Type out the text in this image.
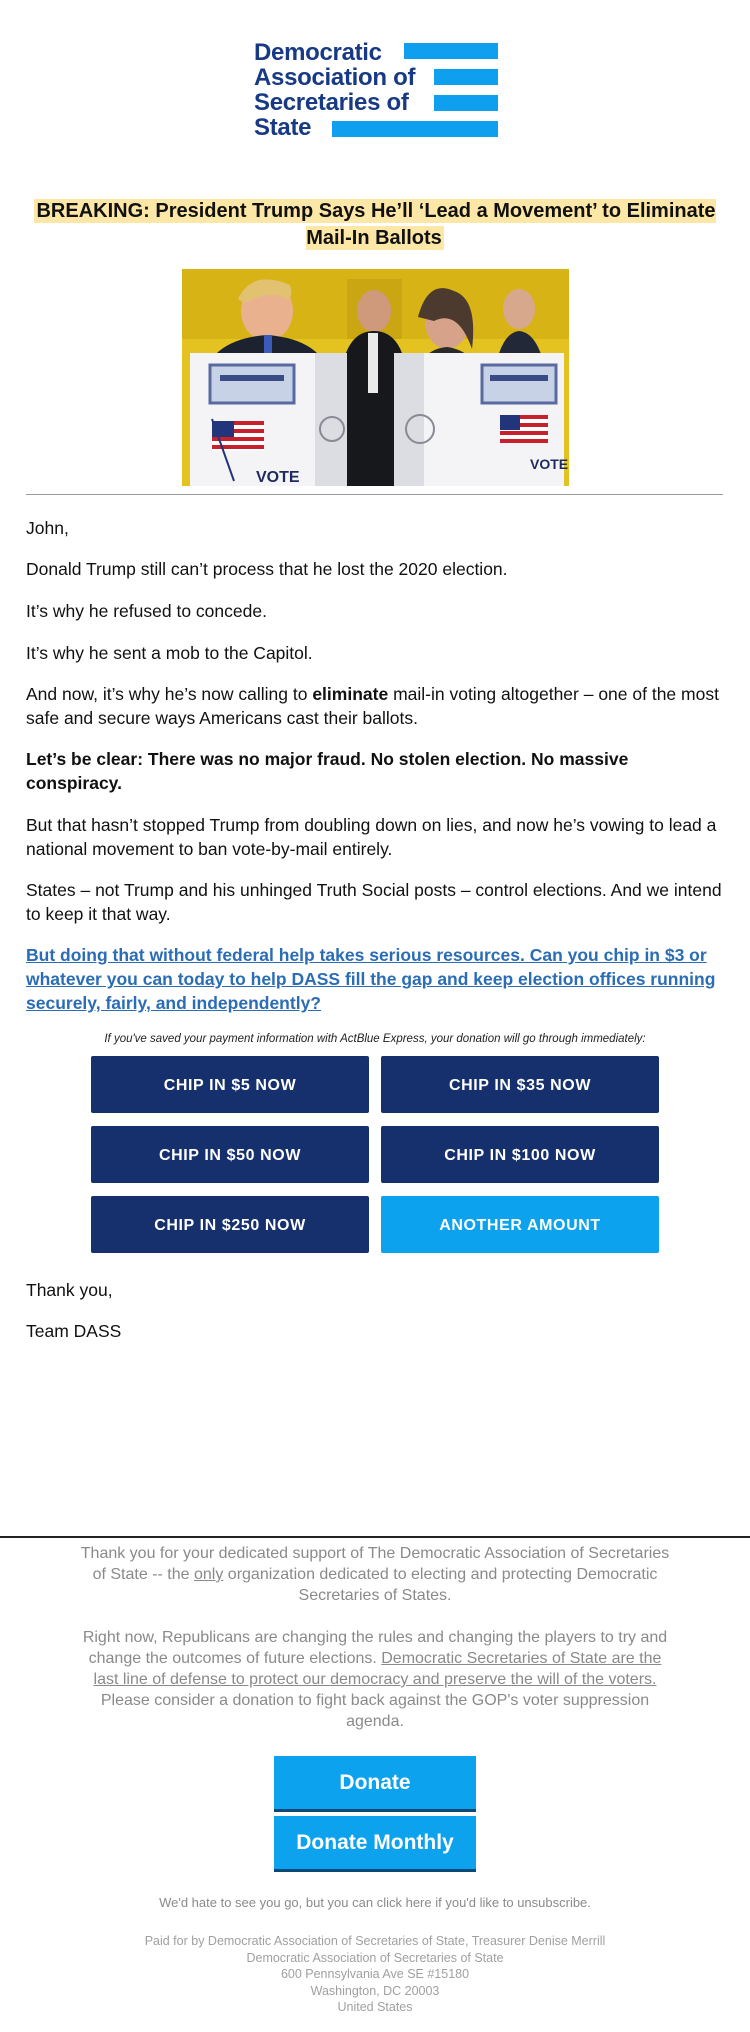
Democratic
Association of
Secretaries of
State
BREAKING: President Trump Says He’ll ‘Lead a Movement’ to Eliminate Mail-In Ballots
VOTE
VOTE

John,

Donald Trump still can’t process that he lost the 2020 election.

It’s why he refused to concede.

It’s why he sent a mob to the Capitol.

And now, it’s why he’s now calling to eliminate mail-in voting altogether – one of the most safe and secure ways Americans cast their ballots.

Let’s be clear: There was no major fraud. No stolen election. No massive conspiracy.

But that hasn’t stopped Trump from doubling down on lies, and now he’s vowing to lead a national movement to ban vote-by-mail entirely.

States – not Trump and his unhinged Truth Social posts – control elections. And we intend to keep it that way.

But doing that without federal help takes serious resources. Can you chip in $3 or whatever you can today to help DASS fill the gap and keep election offices running securely, fairly, and independently?
If you've saved your payment information with ActBlue Express, your donation will go through immediately:
CHIP IN $5 NOW	CHIP IN $35 NOW
CHIP IN $50 NOW	CHIP IN $100 NOW
CHIP IN $250 NOW	ANOTHER AMOUNT

Thank you,

Team DASS

Thank you for your dedicated support of The Democratic Association of Secretaries of State -- the only organization dedicated to electing and protecting Democratic Secretaries of States.

Right now, Republicans are changing the rules and changing the players to try and change the outcomes of future elections. Democratic Secretaries of State are the last line of defense to protect our democracy and preserve the will of the voters. Please consider a donation to fight back against the GOP's voter suppression agenda.

Donate
Donate Monthly
We'd hate to see you go, but you can click here if you'd like to unsubscribe.
Paid for by Democratic Association of Secretaries of State, Treasurer Denise Merrill
Democratic Association of Secretaries of State
600 Pennsylvania Ave SE #15180
Washington, DC 20003
United States
